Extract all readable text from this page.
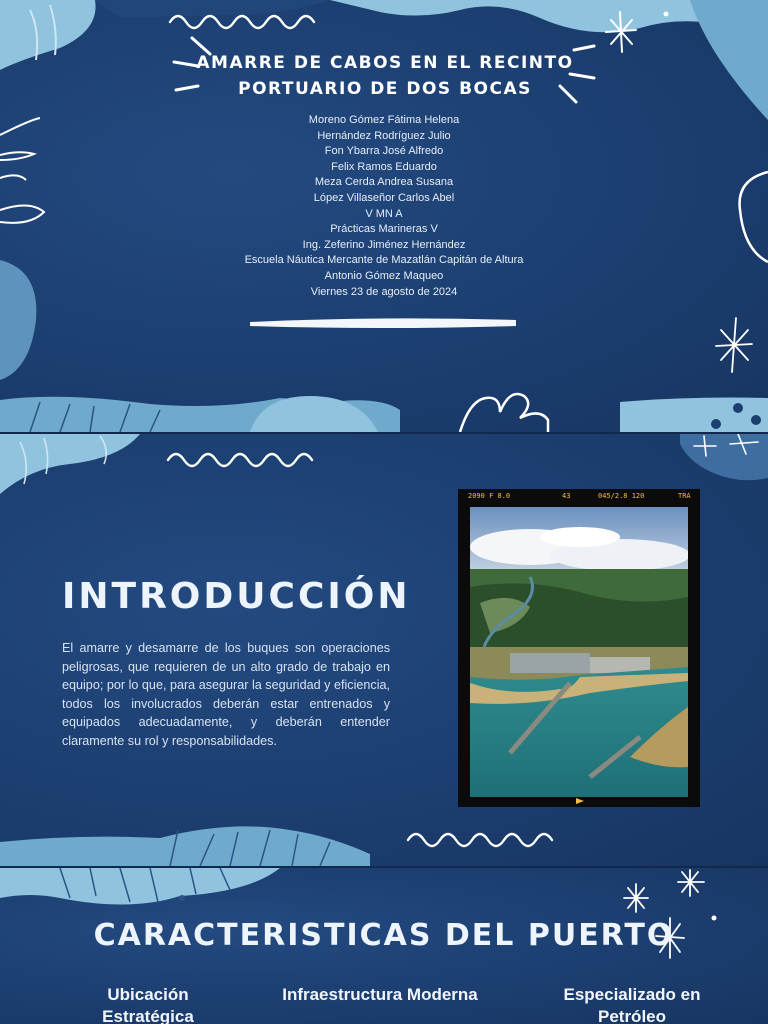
AMARRE DE CABOS EN EL RECINTO PORTUARIO DE DOS BOCAS
Moreno Gómez Fátima Helena
Hernández Rodríguez Julio
Fon Ybarra José Alfredo
Felix Ramos Eduardo
Meza Cerda Andrea Susana
López Villaseñor Carlos Abel
V MN A
Prácticas Marineras V
Ing. Zeferino Jiménez Hernández
Escuela Náutica Mercante de Mazatlán Capitán de Altura
Antonio Gómez Maqueo
Viernes 23 de agosto de 2024
INTRODUCCIÓN

El amarre y desamarre de los buques son operaciones peligrosas, que requieren de un alto grado de trabajo en equipo; por lo que, para asegurar la seguridad y eficiencia, todos los involucrados deberán estar entrenados y equipados adecuadamente, y deberán entender claramente su rol y responsabilidades.

2090 F 8.0	43	045/2.8 120	TRA
CARACTERISTICAS DEL PUERTO
Ubicación Estratégica
Infraestructura Moderna	Especializado en Petróleo
